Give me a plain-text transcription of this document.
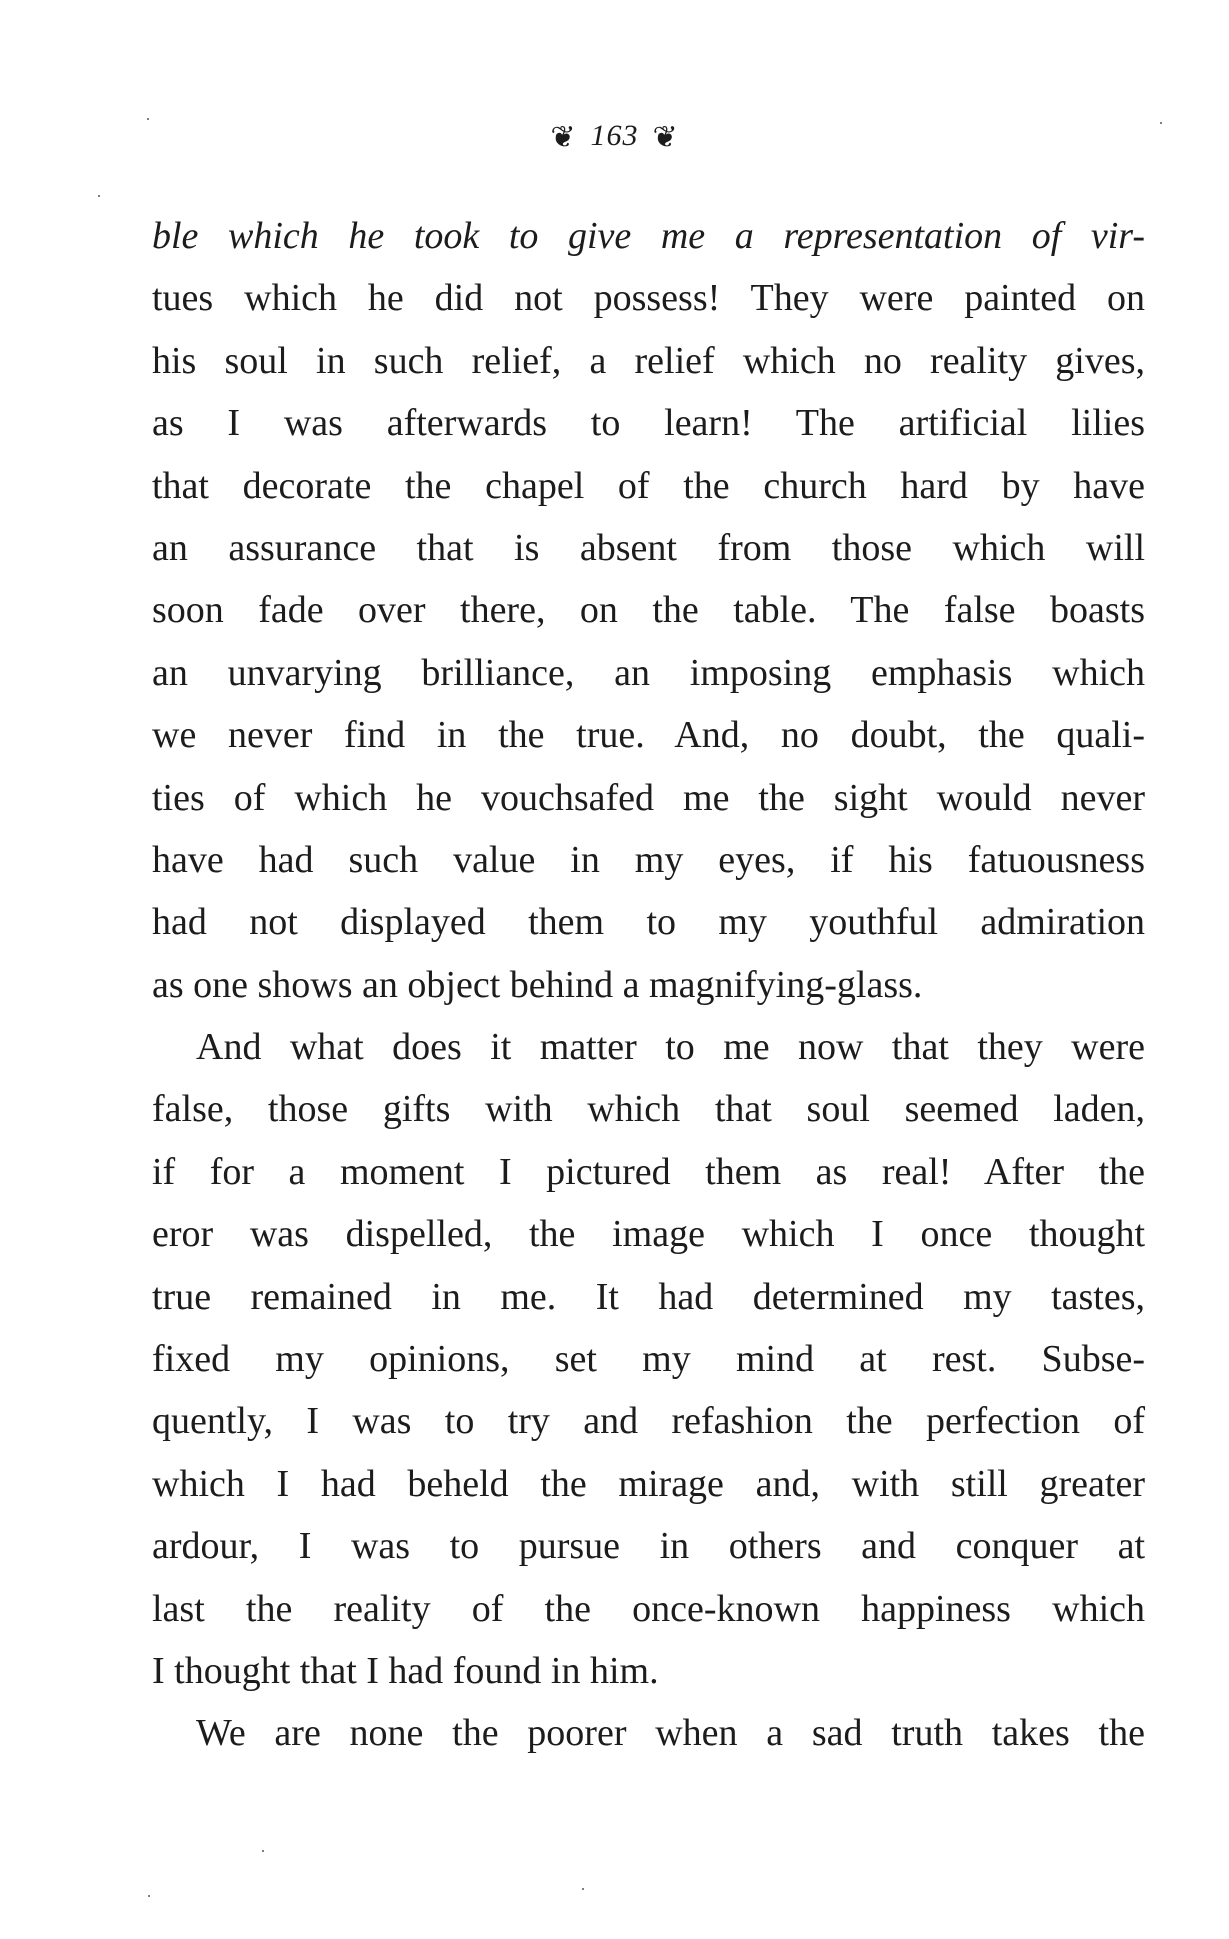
❦ 163 ❦
ble which he took to give me a representation of vir-
tues which he did not possess! They were painted on
his soul in such relief, a relief which no reality gives,
as I was afterwards to learn! The artificial lilies
that decorate the chapel of the church hard by have
an assurance that is absent from those which will
soon fade over there, on the table. The false boasts
an unvarying brilliance, an imposing emphasis which
we never find in the true. And, no doubt, the quali-
ties of which he vouchsafed me the sight would never
have had such value in my eyes, if his fatuousness
had not displayed them to my youthful admiration
as one shows an object behind a magnifying-glass.
And what does it matter to me now that they were
false, those gifts with which that soul seemed laden,
if for a moment I pictured them as real! After the
eror was dispelled, the image which I once thought
true remained in me. It had determined my tastes,
fixed my opinions, set my mind at rest. Subse-
quently, I was to try and refashion the perfection of
which I had beheld the mirage and, with still greater
ardour, I was to pursue in others and conquer at
last the reality of the once-known happiness which
I thought that I had found in him.
We are none the poorer when a sad truth takes the
